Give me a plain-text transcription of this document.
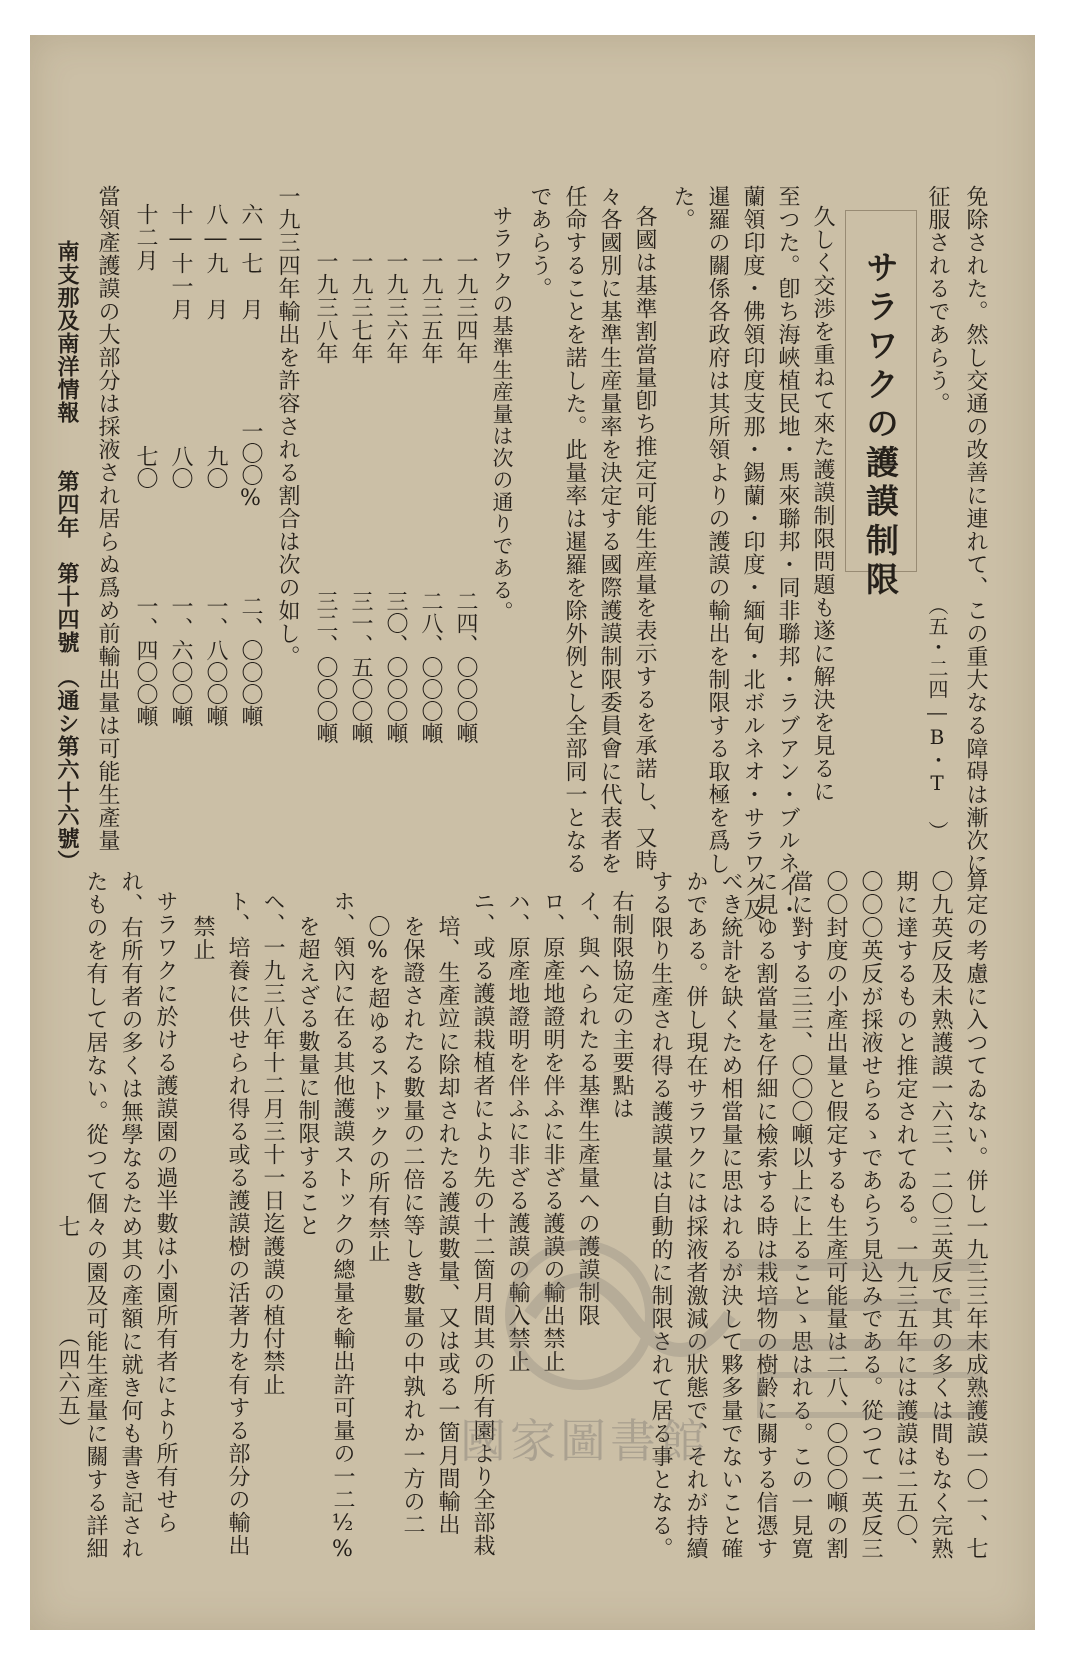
免除された。然し交通の改善に連れて、この重大なる障碍は漸次に
征服されるであらう。
（五・二四―B・T ）
サラワクの護謨制限
久しく交渉を重ねて來た護謨制限問題も遂に解決を見るに
至つた。卽ち海峽植民地・馬來聯邦・同非聯邦・ラブアン・ブルネイ・
蘭領印度・佛領印度支那・錫蘭・印度・緬甸・北ボルネオ・サラワク及
暹羅の關係各政府は其所領よりの護謨の輸出を制限する取極を爲し
た。
各國は基準割當量卽ち推定可能生産量を表示するを承諾し、又時
々各國別に基準生産量率を決定する國際護謨制限委員會に代表者を
任命することを諾した。此量率は暹羅を除外例とし全部同一となる
であらう。
サラワクの基準生産量は次の通りである。
一九三四年
二四、〇〇〇噸
一九三五年
二八、〇〇〇噸
一九三六年
三〇、〇〇〇噸
一九三七年
三一、五〇〇噸
一九三八年
三二、〇〇〇噸
一九三四年輸出を許容される割合は次の如し。
六―七　月
一〇〇%
二、〇〇〇噸
八―九　月
九〇
一、八〇〇噸
十―十一月
八〇
一、六〇〇噸
十二月
七〇
一、四〇〇噸
當領產護謨の大部分は採液され居らぬ爲め前輸出量は可能生產量
南支那及南洋情報
第四年　第十四號　（通シ第六十六號）
算定の考慮に入つてゐない。併し一九三三年末成熟護謨一〇一、七
〇九英反及未熟護謨一六三、二〇三英反で其の多くは間もなく完熟
期に達するものと推定されてゐる。一九三五年には護謨は二五〇、
〇〇〇英反が採液せらるゝであらう見込みである。從つて一英反三
〇〇封度の小產出量と假定するも生產可能量は二八、〇〇〇噸の割
當に對する三三、〇〇〇噸以上に上ることゝ思はれる。この一見寛
に見ゆる割當量を仔細に檢索する時は栽培物の樹齡に關する信憑す
べき統計を缺くため相當量に思はれるが決して夥多量でないこと確
かである。併し現在サラワクには採液者激減の狀態で、それが持續
する限り生產され得る護謨量は自動的に制限されて居る事となる。
右制限協定の主要點は
イ、與へられたる基準生產量への護謨制限
ロ、原產地證明を伴ふに非ざる護謨の輸出禁止
ハ、原產地證明を伴ふに非ざる護謨の輸入禁止
ニ、或る護謨栽植者により先の十二箇月間其の所有園より全部栽
培、生產竝に除却されたる護謨數量、又は或る一箇月間輸出
を保證されたる數量の二倍に等しき數量の中孰れか一方の二
〇%を超ゆるストックの所有禁止
ホ、領內に在る其他護謨ストックの總量を輸出許可量の一二½%
を超えざる數量に制限すること
ヘ、一九三八年十二月三十一日迄護謨の植付禁止
ト、培養に供せられ得る或る護謨樹の活著力を有する部分の輸出
禁止
サラワクに於ける護謨園の過半數は小園所有者により所有せら
れ、右所有者の多くは無學なるため其の產額に就き何も書き記され
たものを有して居ない。從つて個々の園及可能生產量に關する詳細
七
（四六五）
國家圖書館
